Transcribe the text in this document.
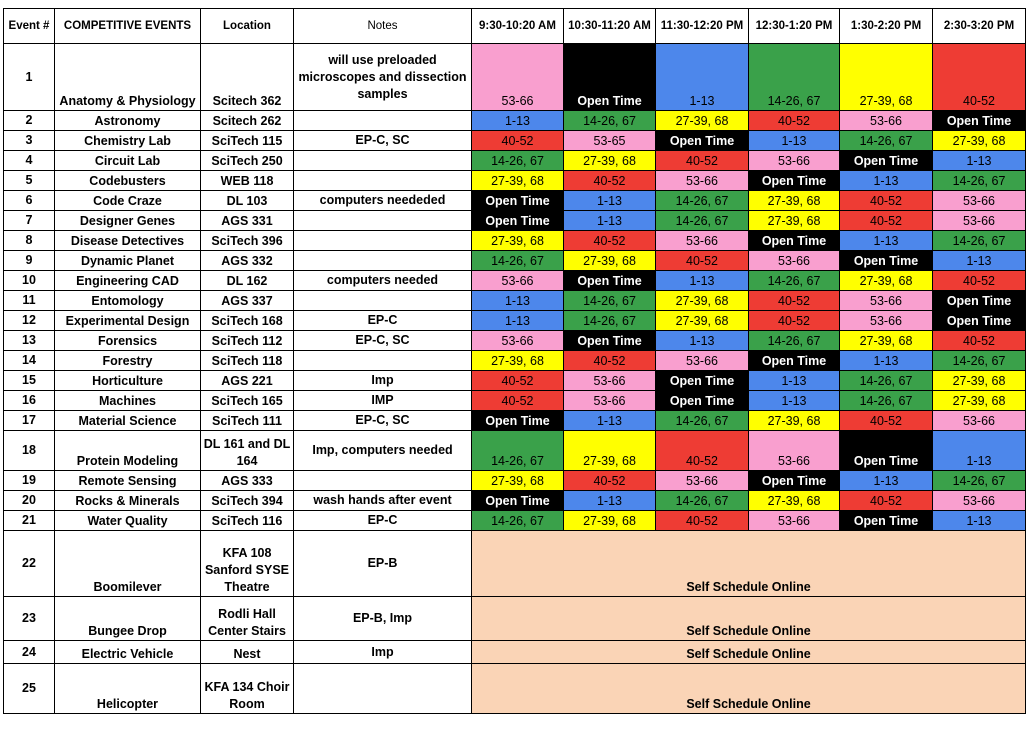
Event #	COMPETITIVE EVENTS	Location	Notes	9:30-10:20 AM	10:30-11:20 AM	11:30-12:20 PM	12:30-1:20 PM	1:30-2:20 PM	2:30-3:20 PM
1	Anatomy & Physiology	Scitech 362	will use preloaded microscopes and dissection samples	53-66	Open Time	1-13	14-26, 67	27-39, 68	40-52
2	Astronomy	Scitech 262		1-13	14-26, 67	27-39, 68	40-52	53-66	Open Time
3	Chemistry Lab	SciTech 115	EP-C, SC	40-52	53-65	Open Time	1-13	14-26, 67	27-39, 68
4	Circuit Lab	SciTech 250		14-26, 67	27-39, 68	40-52	53-66	Open Time	1-13
5	Codebusters	WEB 118		27-39, 68	40-52	53-66	Open Time	1-13	14-26, 67
6	Code Craze	DL 103	computers neededed	Open Time	1-13	14-26, 67	27-39, 68	40-52	53-66
7	Designer Genes	AGS 331		Open Time	1-13	14-26, 67	27-39, 68	40-52	53-66
8	Disease Detectives	SciTech 396		27-39, 68	40-52	53-66	Open Time	1-13	14-26, 67
9	Dynamic Planet	AGS 332		14-26, 67	27-39, 68	40-52	53-66	Open Time	1-13
10	Engineering CAD	DL 162	computers needed	53-66	Open Time	1-13	14-26, 67	27-39, 68	40-52
11	Entomology	AGS 337		1-13	14-26, 67	27-39, 68	40-52	53-66	Open Time
12	Experimental Design	SciTech 168	EP-C	1-13	14-26, 67	27-39, 68	40-52	53-66	Open Time
13	Forensics	SciTech 112	EP-C, SC	53-66	Open Time	1-13	14-26, 67	27-39, 68	40-52
14	Forestry	SciTech 118		27-39, 68	40-52	53-66	Open Time	1-13	14-26, 67
15	Horticulture	AGS 221	Imp	40-52	53-66	Open Time	1-13	14-26, 67	27-39, 68
16	Machines	SciTech 165	IMP	40-52	53-66	Open Time	1-13	14-26, 67	27-39, 68
17	Material Science	SciTech 111	EP-C, SC	Open Time	1-13	14-26, 67	27-39, 68	40-52	53-66
18	Protein Modeling	DL 161 and DL 164	Imp, computers needed	14-26, 67	27-39, 68	40-52	53-66	Open Time	1-13
19	Remote Sensing	AGS 333		27-39, 68	40-52	53-66	Open Time	1-13	14-26, 67
20	Rocks & Minerals	SciTech 394	wash hands after event	Open Time	1-13	14-26, 67	27-39, 68	40-52	53-66
21	Water Quality	SciTech 116	EP-C	14-26, 67	27-39, 68	40-52	53-66	Open Time	1-13
22	Boomilever	KFA 108 Sanford SYSE Theatre	EP-B	Self Schedule Online					
23	Bungee Drop	Rodli Hall Center Stairs	EP-B, Imp	Self Schedule Online					
24	Electric Vehicle	Nest	Imp	Self Schedule Online					
25	Helicopter	KFA 134 Choir Room		Self Schedule Online					
